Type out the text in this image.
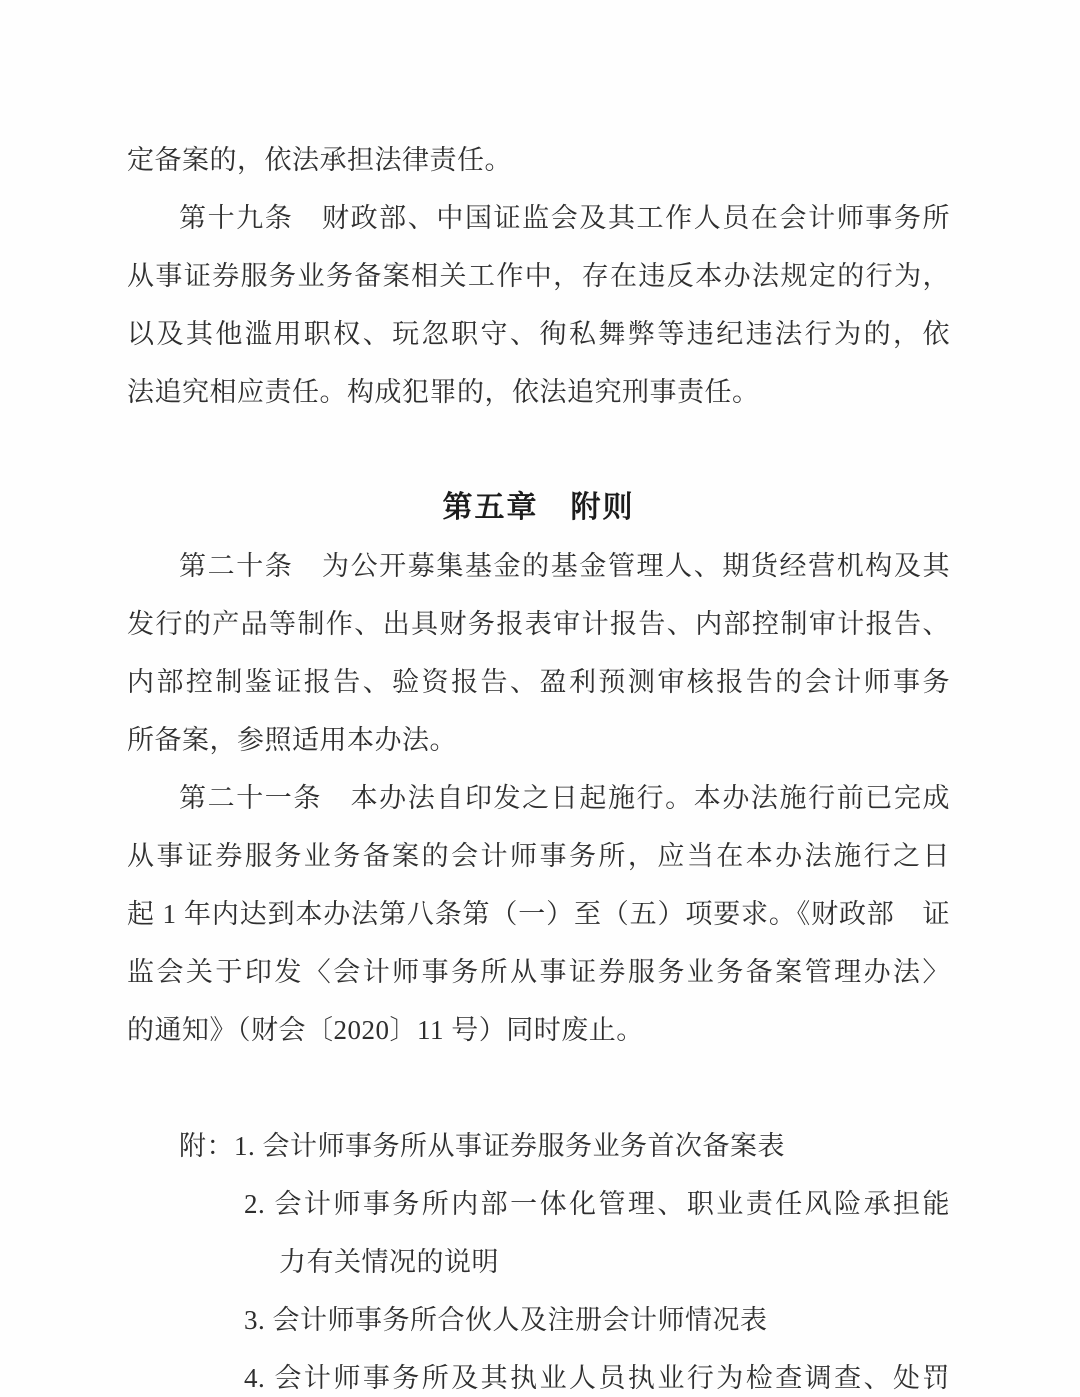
定备案的，依法承担法律责任。
第十九条　财政部、中国证监会及其工作人员在会计师事务所
从事证券服务业务备案相关工作中，存在违反本办法规定的行为，
以及其他滥用职权、玩忽职守、徇私舞弊等违纪违法行为的，依
法追究相应责任。构成犯罪的，依法追究刑事责任。
第五章　附则
第二十条　为公开募集基金的基金管理人、期货经营机构及其
发行的产品等制作、出具财务报表审计报告、内部控制审计报告、
内部控制鉴证报告、验资报告、盈利预测审核报告的会计师事务
所备案，参照适用本办法。
第二十一条　本办法自印发之日起施行。本办法施行前已完成
从事证券服务业务备案的会计师事务所，应当在本办法施行之日
起 1 年内达到本办法第八条第（一）至（五）项要求。《财政部　证
监会关于印发〈会计师事务所从事证券服务业务备案管理办法〉
的通知》（财会〔2020〕11 号）同时废止。
附：1. 会计师事务所从事证券服务业务首次备案表
2. 会计师事务所内部一体化管理、职业责任风险承担能
力有关情况的说明
3. 会计师事务所合伙人及注册会计师情况表
4. 会计师事务所及其执业人员执业行为检查调查、处罚
